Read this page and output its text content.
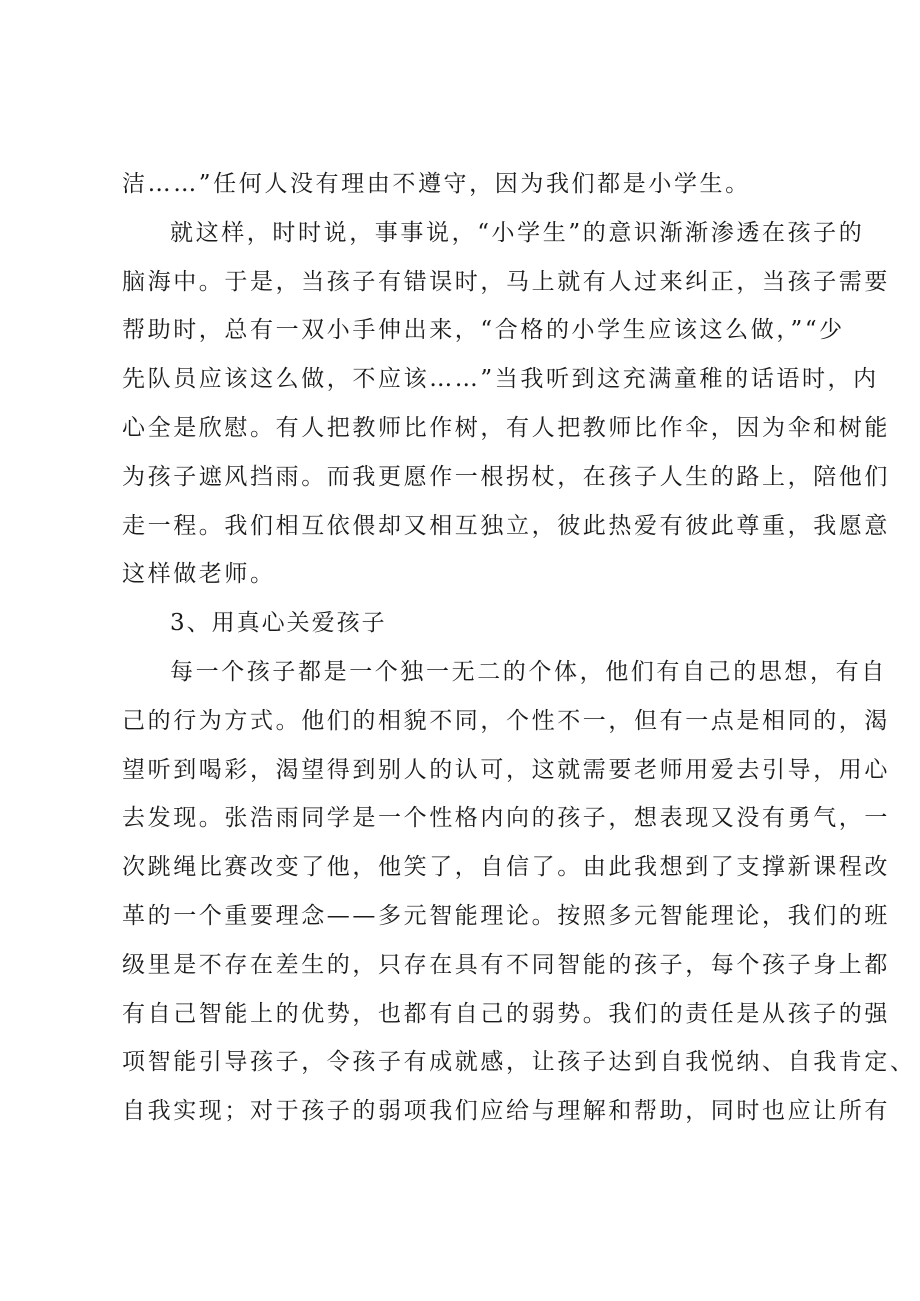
洁……”任何人没有理由不遵守，因为我们都是小学生。
就这样，时时说，事事说，“小学生”的意识渐渐渗透在孩子的
脑海中。于是，当孩子有错误时，马上就有人过来纠正，当孩子需要
帮助时，总有一双小手伸出来，“合格的小学生应该这么做，”“少
先队员应该这么做，不应该……”当我听到这充满童稚的话语时，内
心全是欣慰。有人把教师比作树，有人把教师比作伞，因为伞和树能
为孩子遮风挡雨。而我更愿作一根拐杖，在孩子人生的路上，陪他们
走一程。我们相互依偎却又相互独立，彼此热爱有彼此尊重，我愿意
这样做老师。
3、用真心关爱孩子
每一个孩子都是一个独一无二的个体，他们有自己的思想，有自
己的行为方式。他们的相貌不同，个性不一，但有一点是相同的，渴
望听到喝彩，渴望得到别人的认可，这就需要老师用爱去引导，用心
去发现。张浩雨同学是一个性格内向的孩子，想表现又没有勇气，一
次跳绳比赛改变了他，他笑了，自信了。由此我想到了支撑新课程改
革的一个重要理念——多元智能理论。按照多元智能理论，我们的班
级里是不存在差生的，只存在具有不同智能的孩子，每个孩子身上都
有自己智能上的优势，也都有自己的弱势。我们的责任是从孩子的强
项智能引导孩子，令孩子有成就感，让孩子达到自我悦纳、自我肯定、
自我实现；对于孩子的弱项我们应给与理解和帮助，同时也应让所有
